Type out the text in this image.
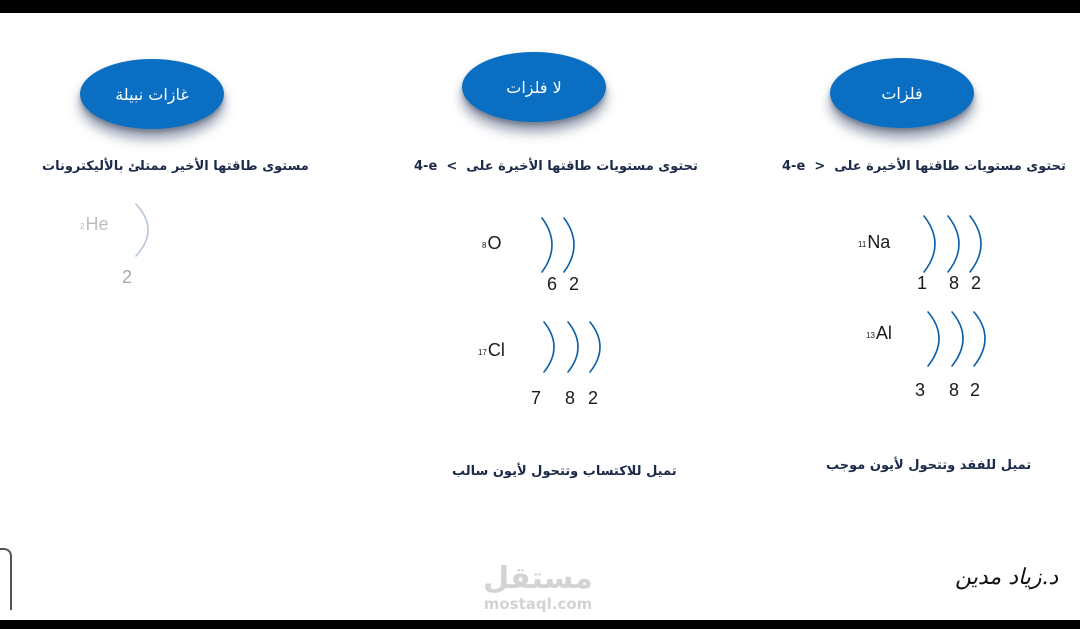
فلزات
لا فلزات
غازات نبيلة
4-e > تحتوى مستويات طاقتها الأخيرة على
4-e < تحتوى مستويات طاقتها الأخيرة على
مستوى طاقتها الأخير ممتلئ بالأليكترونات
11Na
13Al
8O
17Cl
2He
1 8 2
3 8 2
6 2
7 8 2
2
تميل للفقد وتتحول لأيون موجب
تميل للاكتساب وتتحول لأيون سالب
مستقل
mostaql.com
د.زياد مدين
